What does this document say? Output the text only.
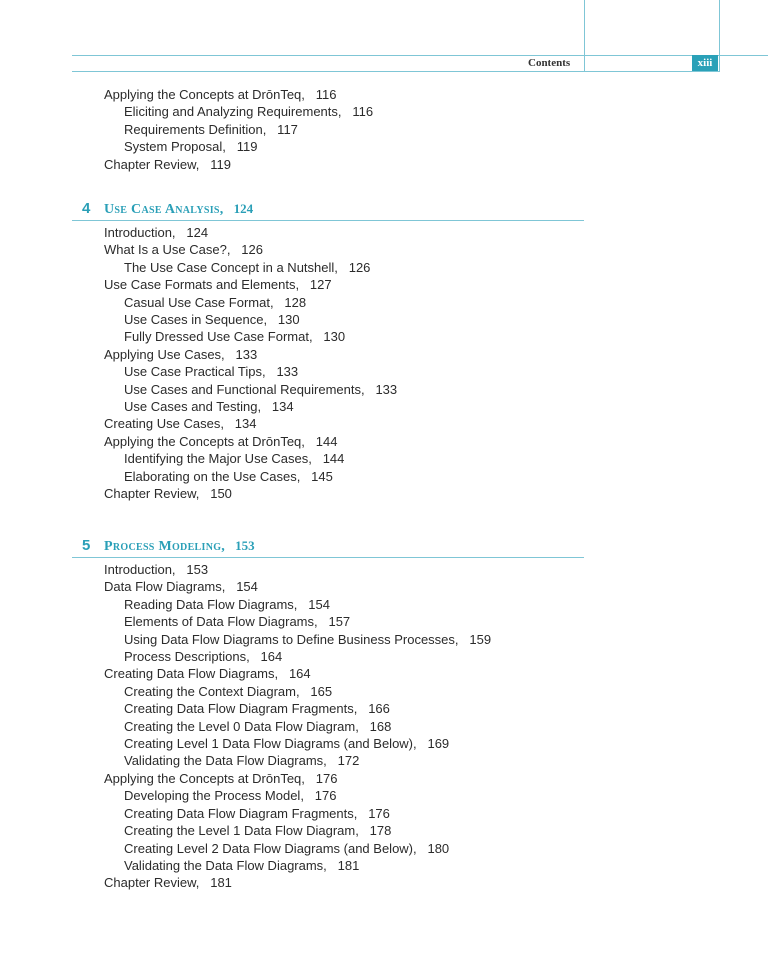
Contents	xiii
Applying the Concepts at DrōnTeq,   116
Eliciting and Analyzing Requirements,   116
Requirements Definition,   117
System Proposal,   119
Chapter Review,   119
4 Use Case Analysis, 124
Introduction,   124
What Is a Use Case?,   126
The Use Case Concept in a Nutshell,   126
Use Case Formats and Elements,   127
Casual Use Case Format,   128
Use Cases in Sequence,   130
Fully Dressed Use Case Format,   130
Applying Use Cases,   133
Use Case Practical Tips,   133
Use Cases and Functional Requirements,   133
Use Cases and Testing,   134
Creating Use Cases,   134
Applying the Concepts at DrōnTeq,   144
Identifying the Major Use Cases,   144
Elaborating on the Use Cases,   145
Chapter Review,   150
5 Process Modeling, 153
Introduction,   153
Data Flow Diagrams,   154
Reading Data Flow Diagrams,   154
Elements of Data Flow Diagrams,   157
Using Data Flow Diagrams to Define Business Processes,   159
Process Descriptions,   164
Creating Data Flow Diagrams,   164
Creating the Context Diagram,   165
Creating Data Flow Diagram Fragments,   166
Creating the Level 0 Data Flow Diagram,   168
Creating Level 1 Data Flow Diagrams (and Below),   169
Validating the Data Flow Diagrams,   172
Applying the Concepts at DrōnTeq,   176
Developing the Process Model,   176
Creating Data Flow Diagram Fragments,   176
Creating the Level 1 Data Flow Diagram,   178
Creating Level 2 Data Flow Diagrams (and Below),   180
Validating the Data Flow Diagrams,   181
Chapter Review,   181
